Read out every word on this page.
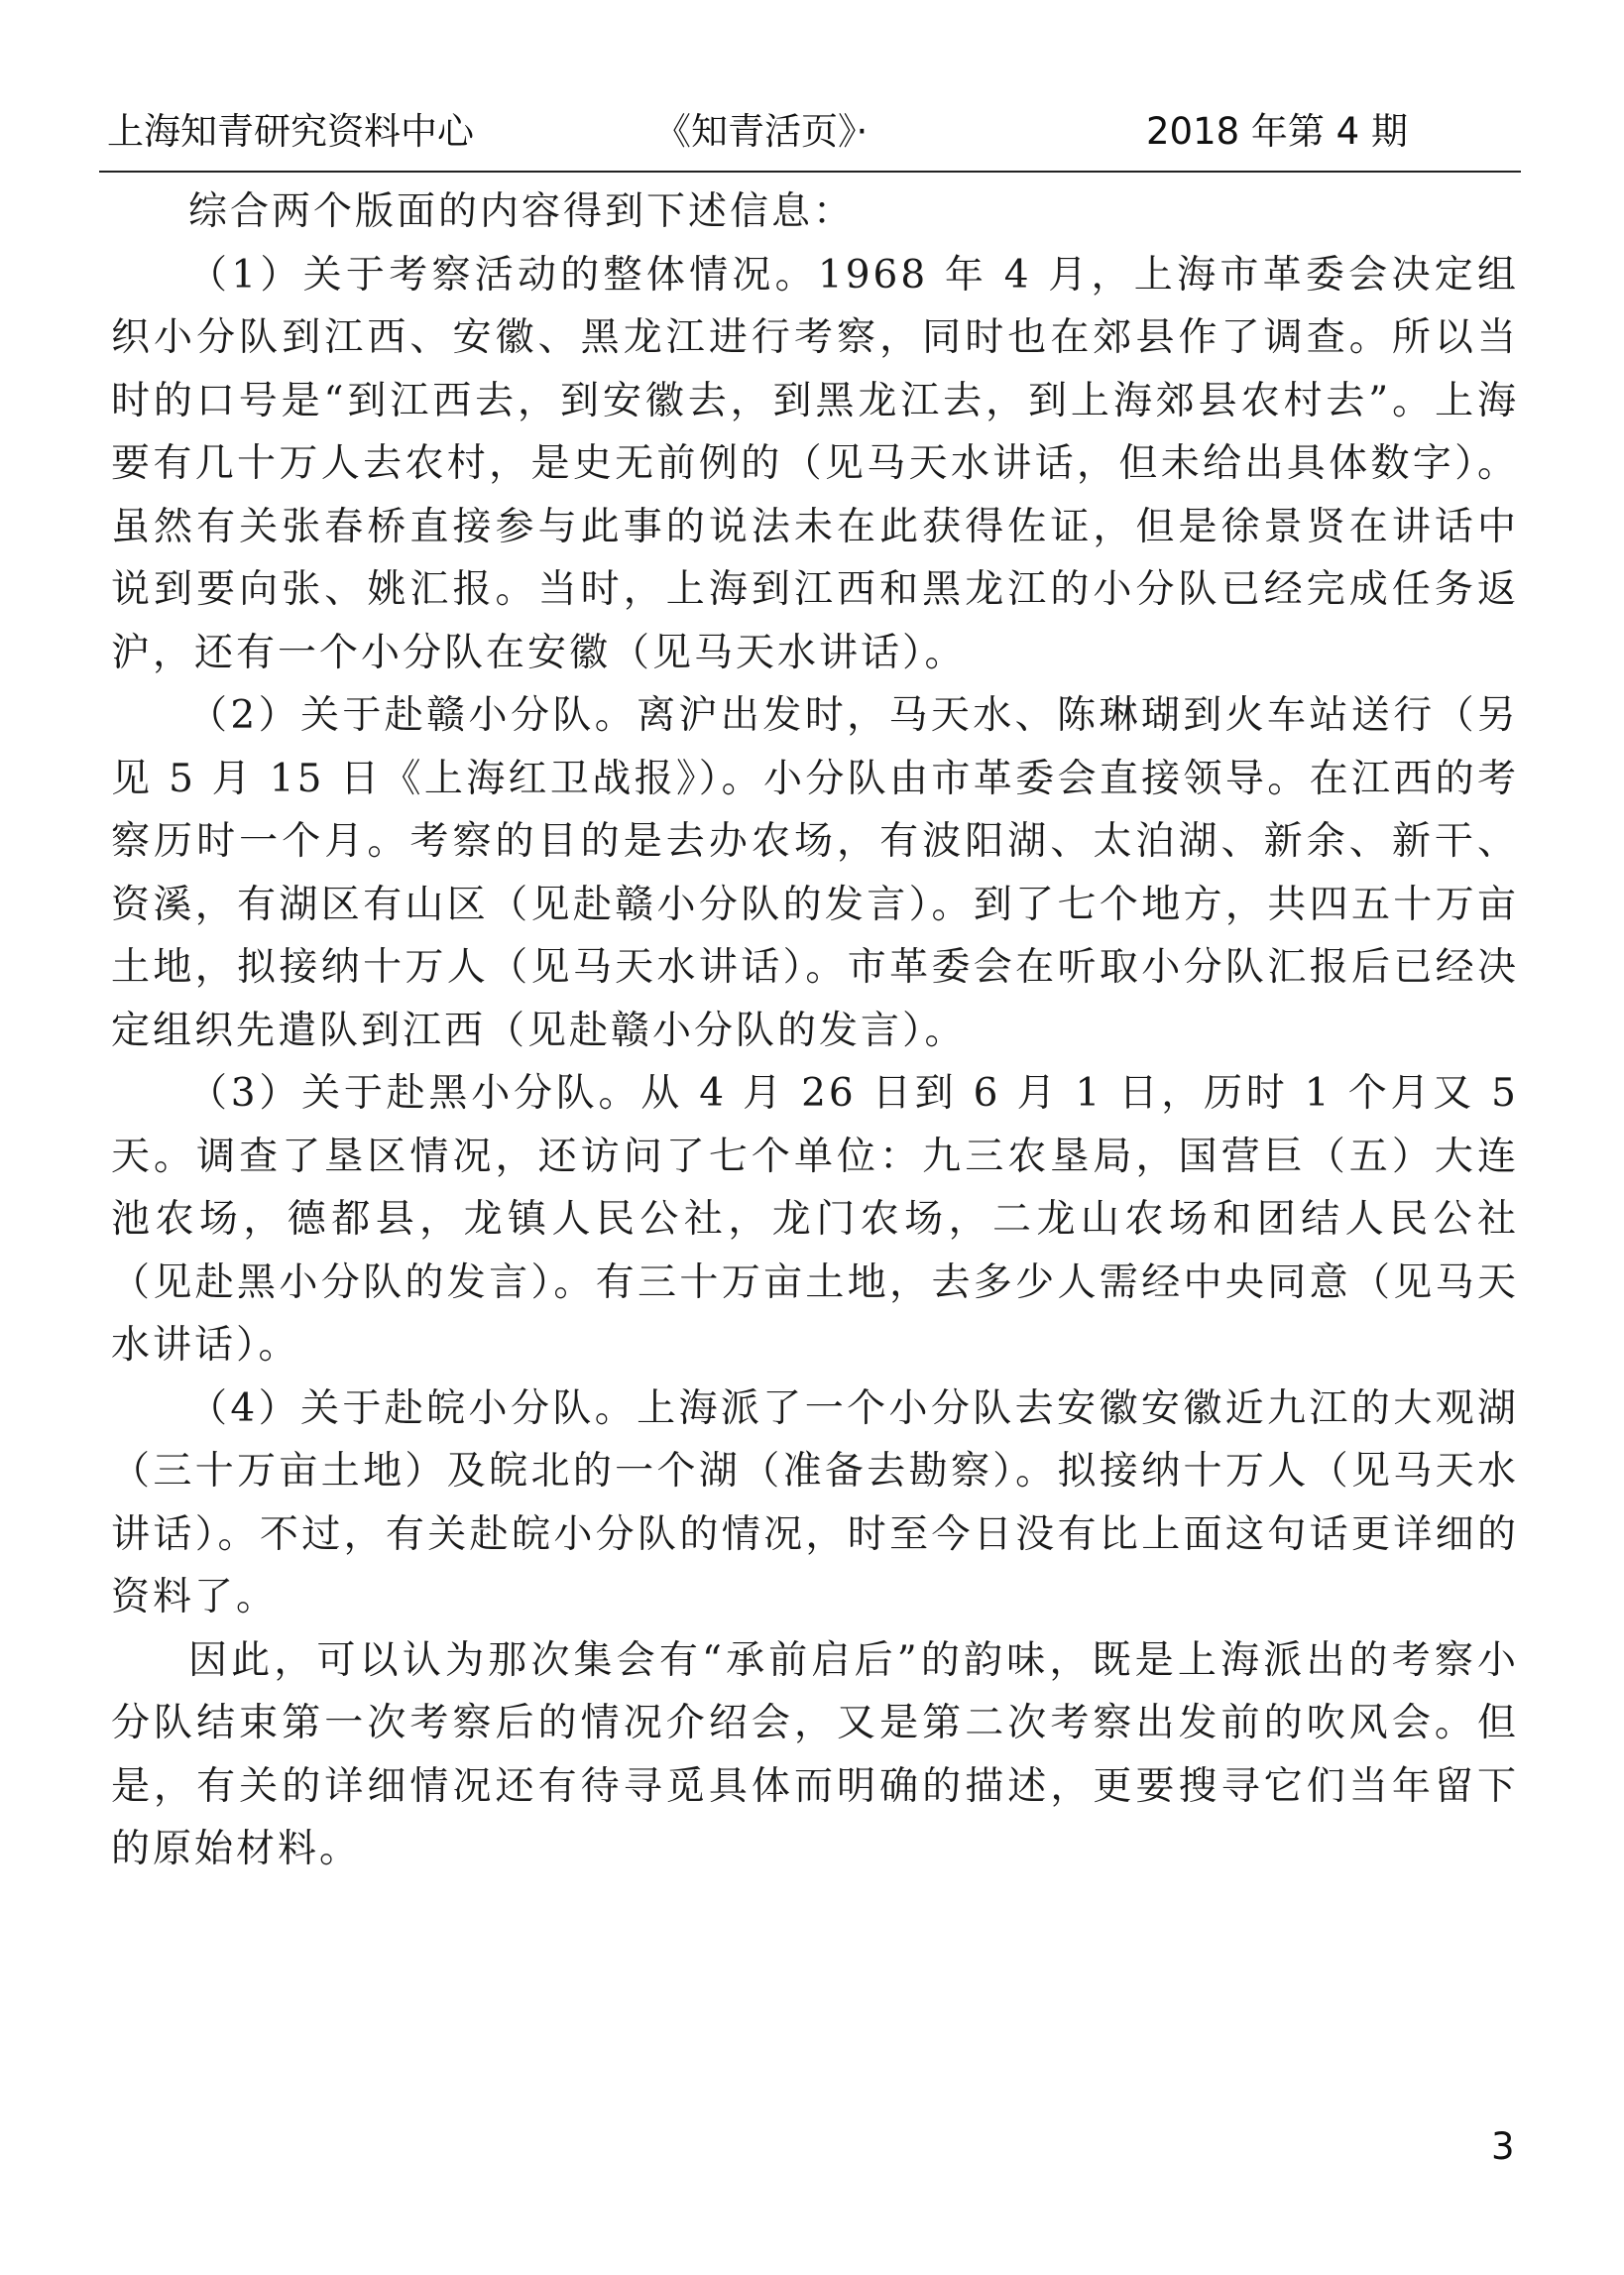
上海知青研究资料中心	《知青活页》·	2018 年第 4 期

综合两个版面的内容得到下述信息：

（1）关于考察活动的整体情况。1968 年 4 月，上海市革委会决定组织小分队到江西、安徽、黑龙江进行考察，同时也在郊县作了调查。所以当时的口号是“到江西去，到安徽去，到黑龙江去，到上海郊县农村去”。上海要有几十万人去农村，是史无前例的（见马天水讲话，但未给出具体数字）。虽然有关张春桥直接参与此事的说法未在此获得佐证，但是徐景贤在讲话中说到要向张、姚汇报。当时，上海到江西和黑龙江的小分队已经完成任务返沪，还有一个小分队在安徽（见马天水讲话）。

（2）关于赴赣小分队。离沪出发时，马天水、陈琳瑚到火车站送行（另见 5 月 15 日《上海红卫战报》）。小分队由市革委会直接领导。在江西的考察历时一个月。考察的目的是去办农场，有波阳湖、太泊湖、新余、新干、资溪，有湖区有山区（见赴赣小分队的发言）。到了七个地方，共四五十万亩土地，拟接纳十万人（见马天水讲话）。市革委会在听取小分队汇报后已经决定组织先遣队到江西（见赴赣小分队的发言）。

（3）关于赴黑小分队。从 4 月 26 日到 6 月 1 日，历时 1 个月又 5 天。调查了垦区情况，还访问了七个单位：九三农垦局，国营巨（五）大连池农场，德都县，龙镇人民公社，龙门农场，二龙山农场和团结人民公社（见赴黑小分队的发言）。有三十万亩土地，去多少人需经中央同意（见马天水讲话）。

（4）关于赴皖小分队。上海派了一个小分队去安徽安徽近九江的大观湖（三十万亩土地）及皖北的一个湖（准备去勘察）。拟接纳十万人（见马天水讲话）。不过，有关赴皖小分队的情况，时至今日没有比上面这句话更详细的资料了。

因此，可以认为那次集会有“承前启后”的韵味，既是上海派出的考察小分队结束第一次考察后的情况介绍会，又是第二次考察出发前的吹风会。但是，有关的详细情况还有待寻觅具体而明确的描述，更要搜寻它们当年留下的原始材料。

3
